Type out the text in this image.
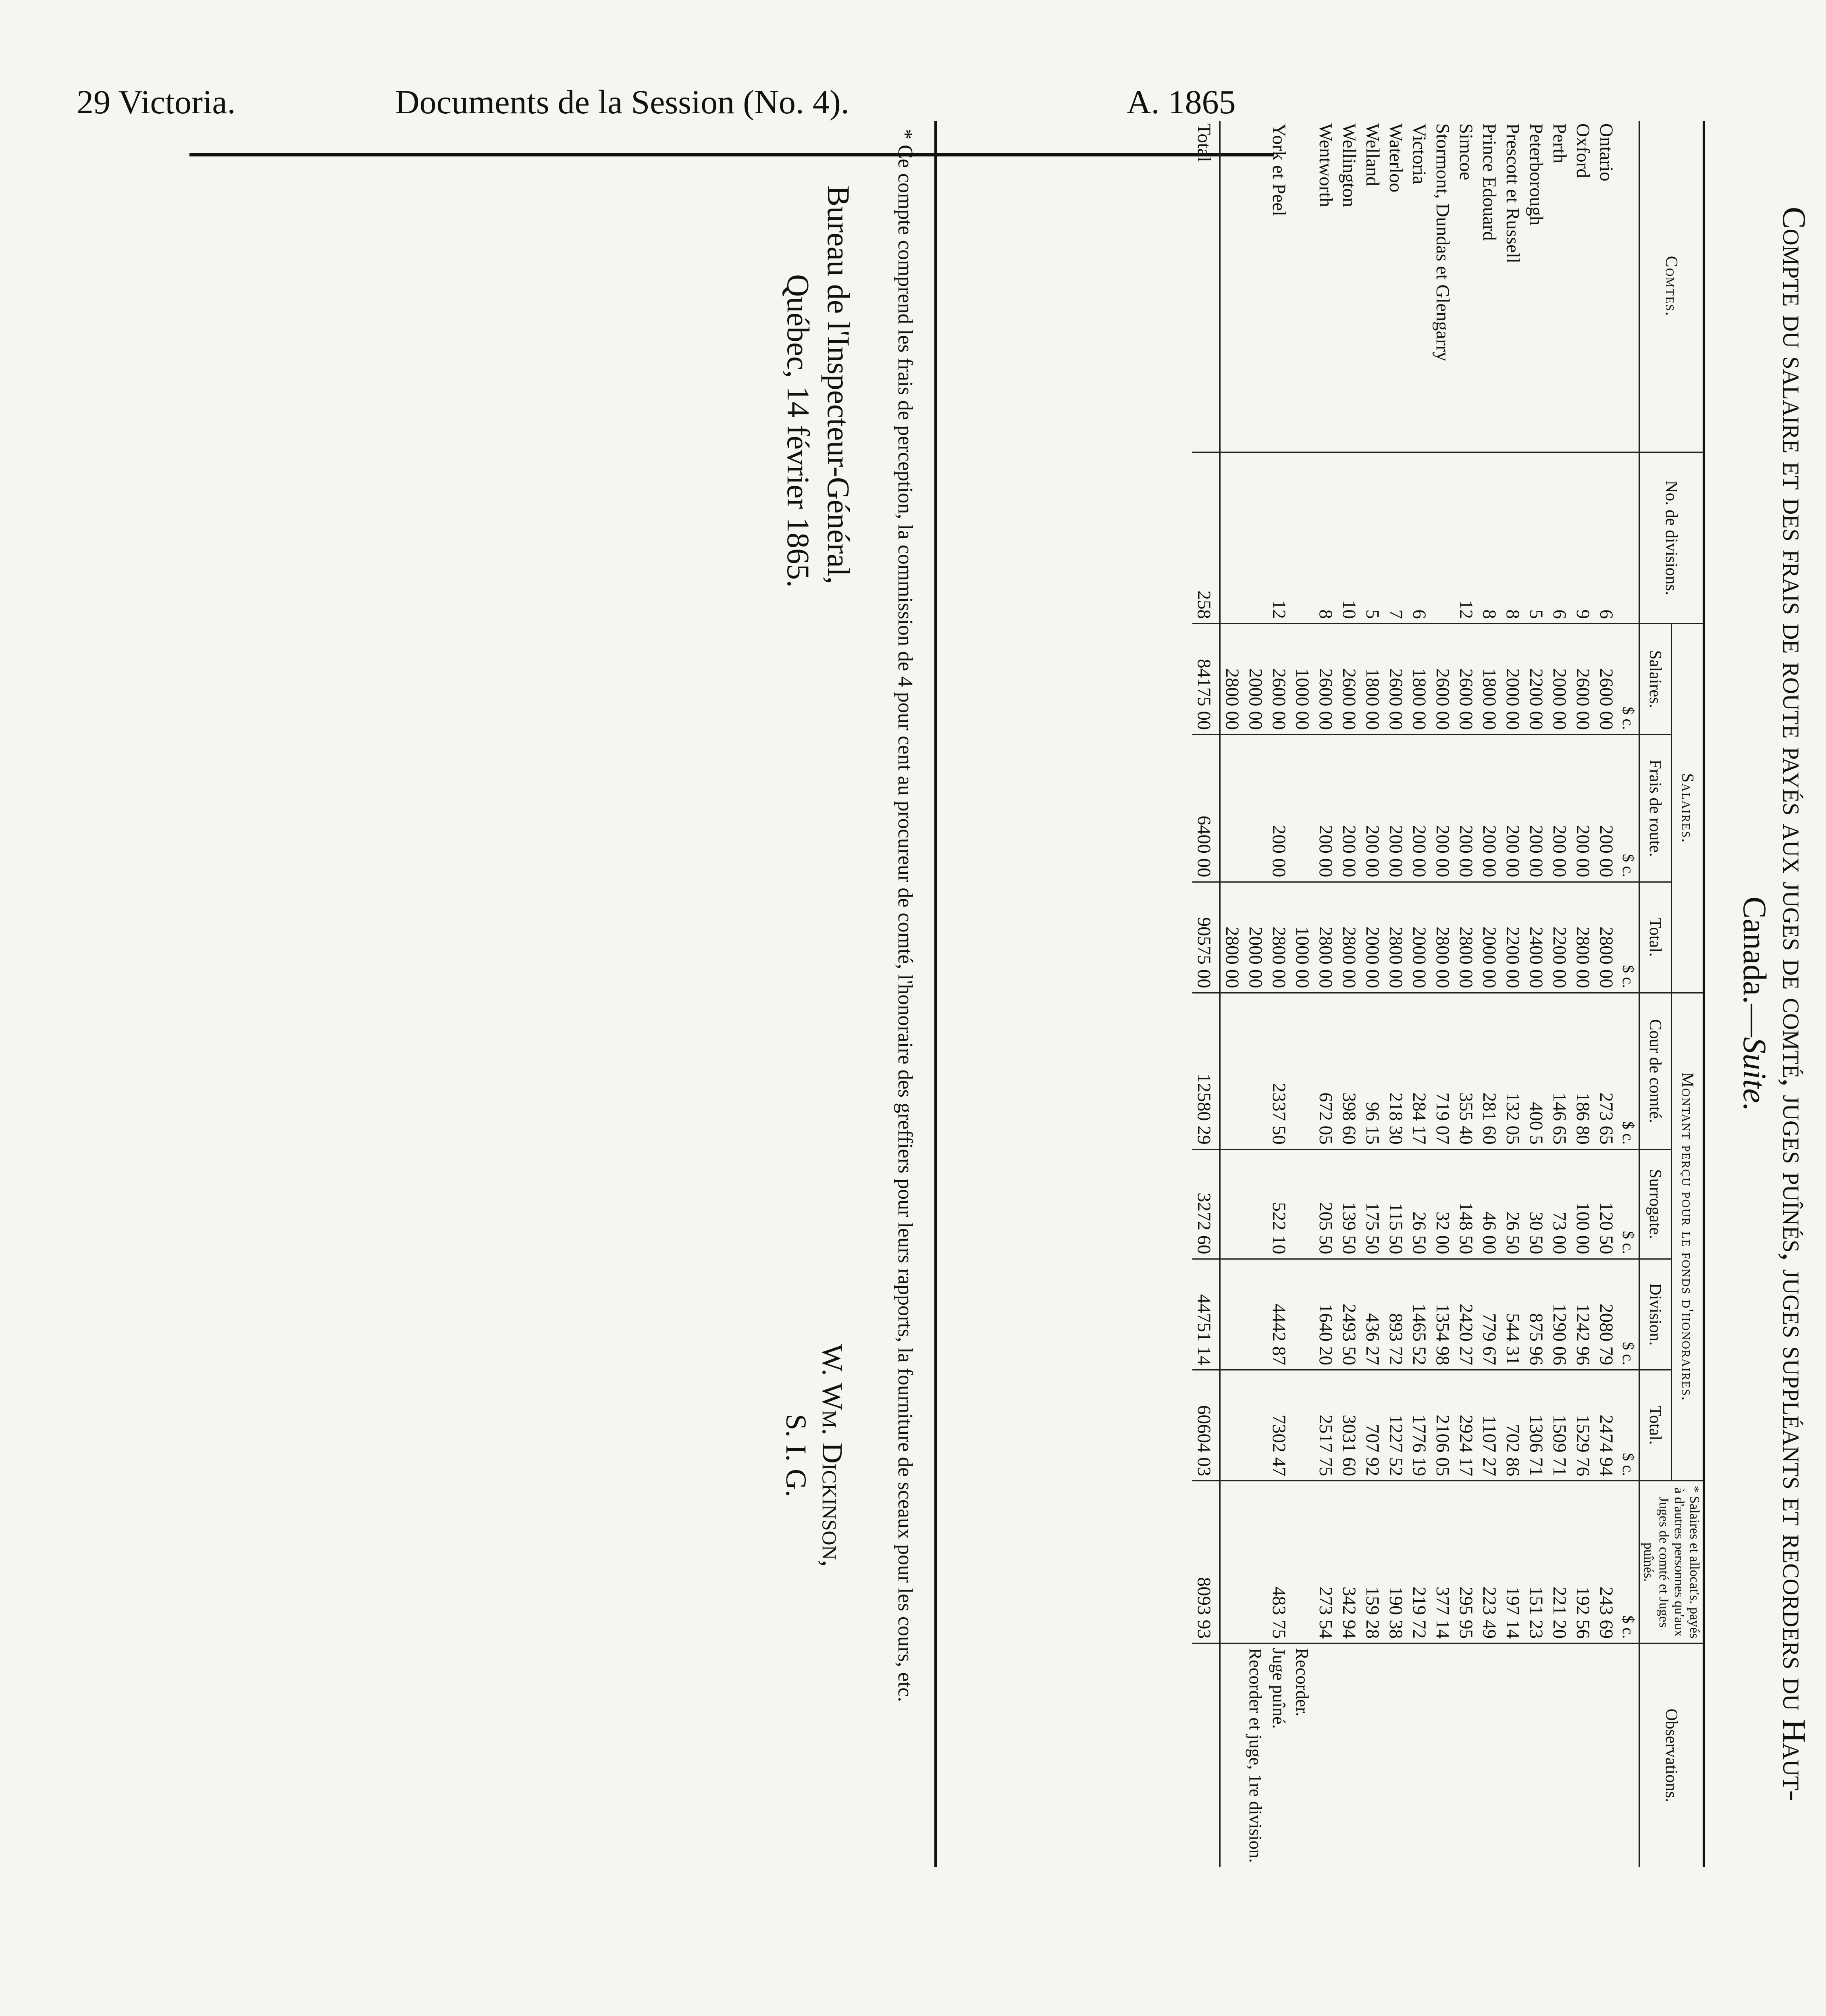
29 Victoria.	Documents de la Session (No. 4).	A. 1865
Compte du salaire et des frais de route payés aux juges de comté, juges puînés, juges suppléants et recorders du Haut-
Canada.—Suite.
Comtes.	No. de divisions.	Salaires.			Montant perçu pour le fonds d'honoraires.				* Salaires et allocat's. payés à d'autres personnes qu'aux Juges de comté et Juges puînés.	Observations.
		Salaires.	Frais de route.	Total.	Cour de comté.	Surrogate.	Division.	Total.		
		$ c.	$ c.	$ c.	$ c.	$ c.	$ c.	$ c.	$ c.	
Ontario	6	2600 00	200 00	2800 00	273 65	120 50	2080 79	2474 94	243 69	
Oxford	9	2600 00	200 00	2800 00	186 80	100 00	1242 96	1529 76	192 56	
Perth	6	2000 00	200 00	2200 00	146 65	73 00	1290 06	1509 71	221 20	
Peterborough	5	2200 00	200 00	2400 00	400 5	30 50	875 96	1306 71	151 23	
Prescott et Russell	8	2000 00	200 00	2200 00	132 05	26 50	544 31	702 86	197 14	
Prince Edouard	8	1800 00	200 00	2000 00	281 60	46 00	779 67	1107 27	223 49	
Simcoe	12	2600 00	200 00	2800 00	355 40	148 50	2420 27	2924 17	295 95	
Stormont, Dundas et Glengarry		2600 00	200 00	2800 00	719 07	32 00	1354 98	2106 05	377 14	
Victoria	6	1800 00	200 00	2000 00	284 17	26 50	1465 52	1776 19	219 72	
Waterloo	7	2600 00	200 00	2800 00	218 30	115 50	893 72	1227 52	190 38	
Welland	5	1800 00	200 00	2000 00	96 15	175 50	436 27	707 92	159 28	
Wellington	10	2600 00	200 00	2800 00	398 60	139 50	2493 50	3031 60	342 94	
Wentworth	8	2600 00	200 00	2800 00	672 05	205 50	1640 20	2517 75	273 54	
		1000 00		1000 00						Recorder.
York et Peel	12	2600 00	200 00	2800 00	2337 50	522 10	4442 87	7302 47	483 75	Juge puîné.
		2000 00		2000 00						Recorder et juge, 1re division.
		2800 00		2800 00						
Total	258	84175 00	6400 00	90575 00	12580 29	3272 60	44751 14	60604 03	8093 93	
* Ce compte comprend les frais de perception, la commission de 4 pour cent au procureur de comté, l'honoraire des greffiers pour leurs rapports, la fourniture de sceaux pour les cours, etc.
Bureau de l'Inspecteur-Général,
Québec, 14 février 1865.
W. Wm. Dickinson,
S. I. G.
